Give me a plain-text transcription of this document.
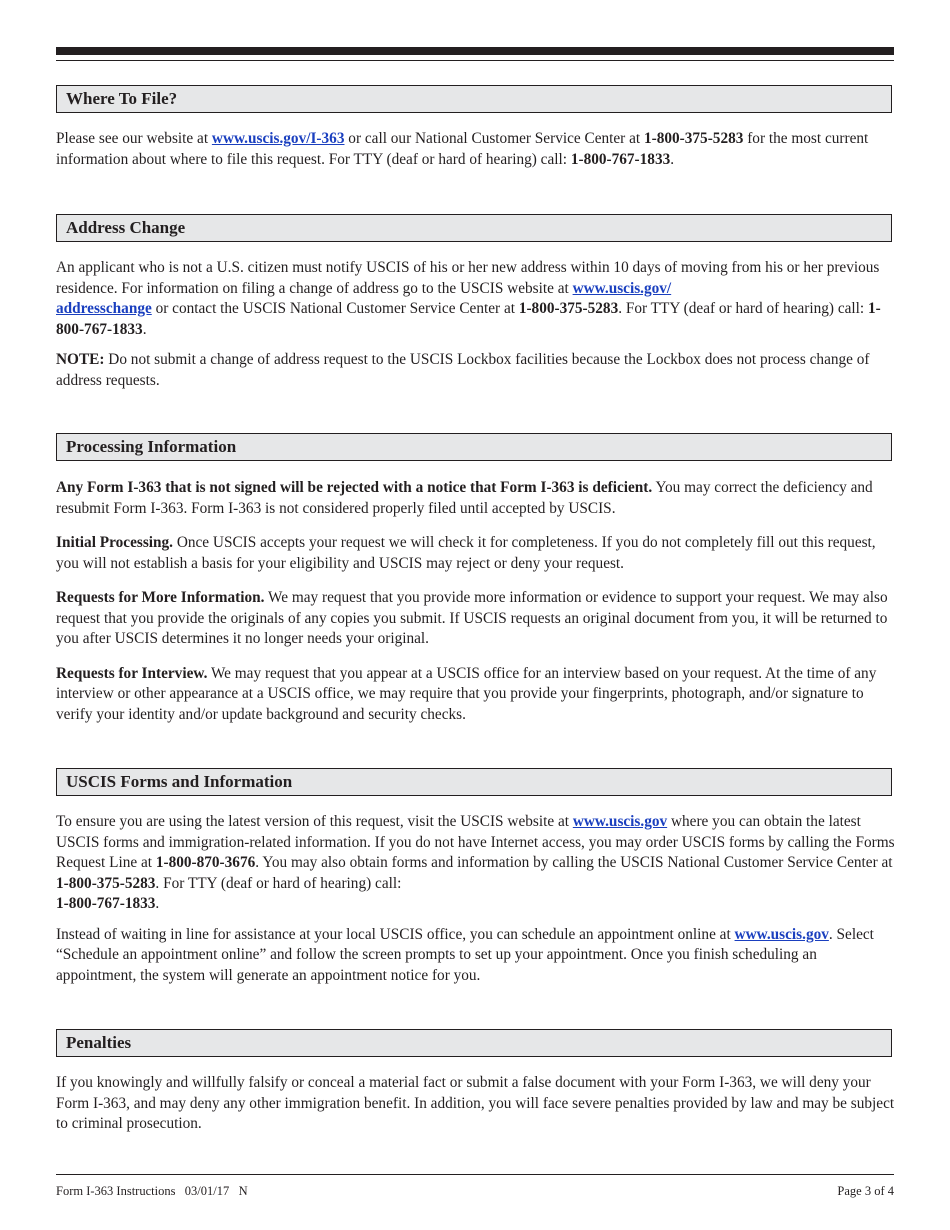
Where To File?

Please see our website at www.uscis.gov/I-363 or call our National Customer Service Center at 1-800-375-5283 for the most current information about where to file this request. For TTY (deaf or hard of hearing) call: 1-800-767-1833.

Address Change

An applicant who is not a U.S. citizen must notify USCIS of his or her new address within 10 days of moving from his or her previous residence. For information on filing a change of address go to the USCIS website at www.uscis.gov/
addresschange or contact the USCIS National Customer Service Center at 1-800-375-5283. For TTY (deaf or hard of hearing) call: 1-800-767-1833.

NOTE: Do not submit a change of address request to the USCIS Lockbox facilities because the Lockbox does not process change of address requests.

Processing Information

Any Form I-363 that is not signed will be rejected with a notice that Form I-363 is deficient. You may correct the deficiency and resubmit Form I-363. Form I-363 is not considered properly filed until accepted by USCIS.

Initial Processing. Once USCIS accepts your request we will check it for completeness. If you do not completely fill out this request, you will not establish a basis for your eligibility and USCIS may reject or deny your request.

Requests for More Information. We may request that you provide more information or evidence to support your request. We may also request that you provide the originals of any copies you submit. If USCIS requests an original document from you, it will be returned to you after USCIS determines it no longer needs your original.

Requests for Interview. We may request that you appear at a USCIS office for an interview based on your request. At the time of any interview or other appearance at a USCIS office, we may require that you provide your fingerprints, photograph, and/or signature to verify your identity and/or update background and security checks.

USCIS Forms and Information

To ensure you are using the latest version of this request, visit the USCIS website at www.uscis.gov where you can obtain the latest USCIS forms and immigration-related information. If you do not have Internet access, you may order USCIS forms by calling the Forms Request Line at 1-800-870-3676. You may also obtain forms and information by calling the USCIS National Customer Service Center at 1-800-375-5283. For TTY (deaf or hard of hearing) call:
1-800-767-1833.

Instead of waiting in line for assistance at your local USCIS office, you can schedule an appointment online at www.uscis.gov. Select “Schedule an appointment online” and follow the screen prompts to set up your appointment. Once you finish scheduling an appointment, the system will generate an appointment notice for you.

Penalties

If you knowingly and willfully falsify or conceal a material fact or submit a false document with your Form I-363, we will deny your Form I-363, and may deny any other immigration benefit. In addition, you will face severe penalties provided by law and may be subject to criminal prosecution.

Form I-363 Instructions   03/01/17   N	Page 3 of 4
